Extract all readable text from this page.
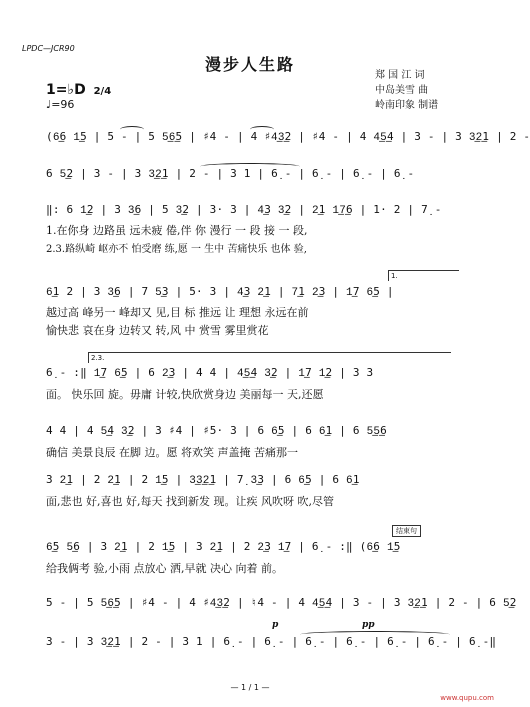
LPDC—JCR90
漫步人生路
1=♭D 2/4
♩=96
郑 国 江 词
中岛美雪 曲
岭南印象 制谱
(6͟6 1͟5 | 5 - | 5 5͟6͟5 | ♯4 - | 4 ♯4͟3͟2 | ♯4 - | 4 4͟5͟4 | 3 - | 3 3͟2͟1 | 2 -
6 5͟2 | 3 - | 3 3͟2͟1 | 2 - | 3 1 | 6̣ - | 6̣ - | 6̣ - | 6̣ -
‖: 6 1͟2 | 3 3͟6 | 5 3͟2 | 3· 3 | 4͟3 3͟2 | 2͟1 1͟7͟6 | 1· 2 | 7̣ -
1.在你身 边路虽 远未疲 倦,伴 你 漫行 一 段 接 一 段,
2.3.路纵崎 岖亦不 怕受磨 练,愿 一 生中 苦痛快乐 也体 验,
1.
6͟1 2 | 3 3͟6 | 7 5͟3 | 5· 3 | 4͟3 2͟1 | 7͟1 2͟3 | 1͟7 6͟5 |
越过高 峰另一 峰却又 见,目 标 推远 让 理想 永远在前
愉快悲 哀在身 边转又 转,风 中 赏雪 雾里赏花
2.3.
6̣ - :‖ 1͟7 6͟5 | 6 2͟3 | 4 4 | 4͟5͟4 3͟2 | 1͟7 1͟2 | 3 3
面。 快乐回 旋。毋庸 计较,快欣赏身边 美丽每一 天,还愿
4 4 | 4 5͟4 3͟2 | 3 ♯4 | ♯5· 3 | 6 6͟5 | 6 6͟1 | 6 5͟5͟6
确信 美景良辰 在脚 边。愿 将欢笑 声盖掩 苦痛那一
3 2͟1 | 2 2͟1 | 2 1͟5 | 3͟3͟2͟1 | 7̣ 3͟3 | 6 6͟5 | 6 6͟1
面,悲也 好,喜也 好,每天 找到新发 现。让疾 风吹呀 吹,尽管
结束句
6͟5 5͟6 | 3 2͟1 | 2 1͟5 | 3 2͟1 | 2 2͟3 1͟7 | 6̣ - :‖ (6͟6 1͟5
给我俩考 验,小雨 点放心 洒,早就 决心 向着 前。
5 - | 5 5͟6͟5 | ♯4 - | 4 ♯4͟3͟2 | ♮4 - | 4 4͟5͟4 | 3 - | 3 3͟2͟1 | 2 - | 6 5͟2
p	pp
3 - | 3 3͟2͟1 | 2 - | 3 1 | 6̣ - | 6̣ - | 6̣ - | 6̣ - | 6̣ - | 6̣ - | 6̣ -‖
— 1 / 1 —
www.qupu.com
